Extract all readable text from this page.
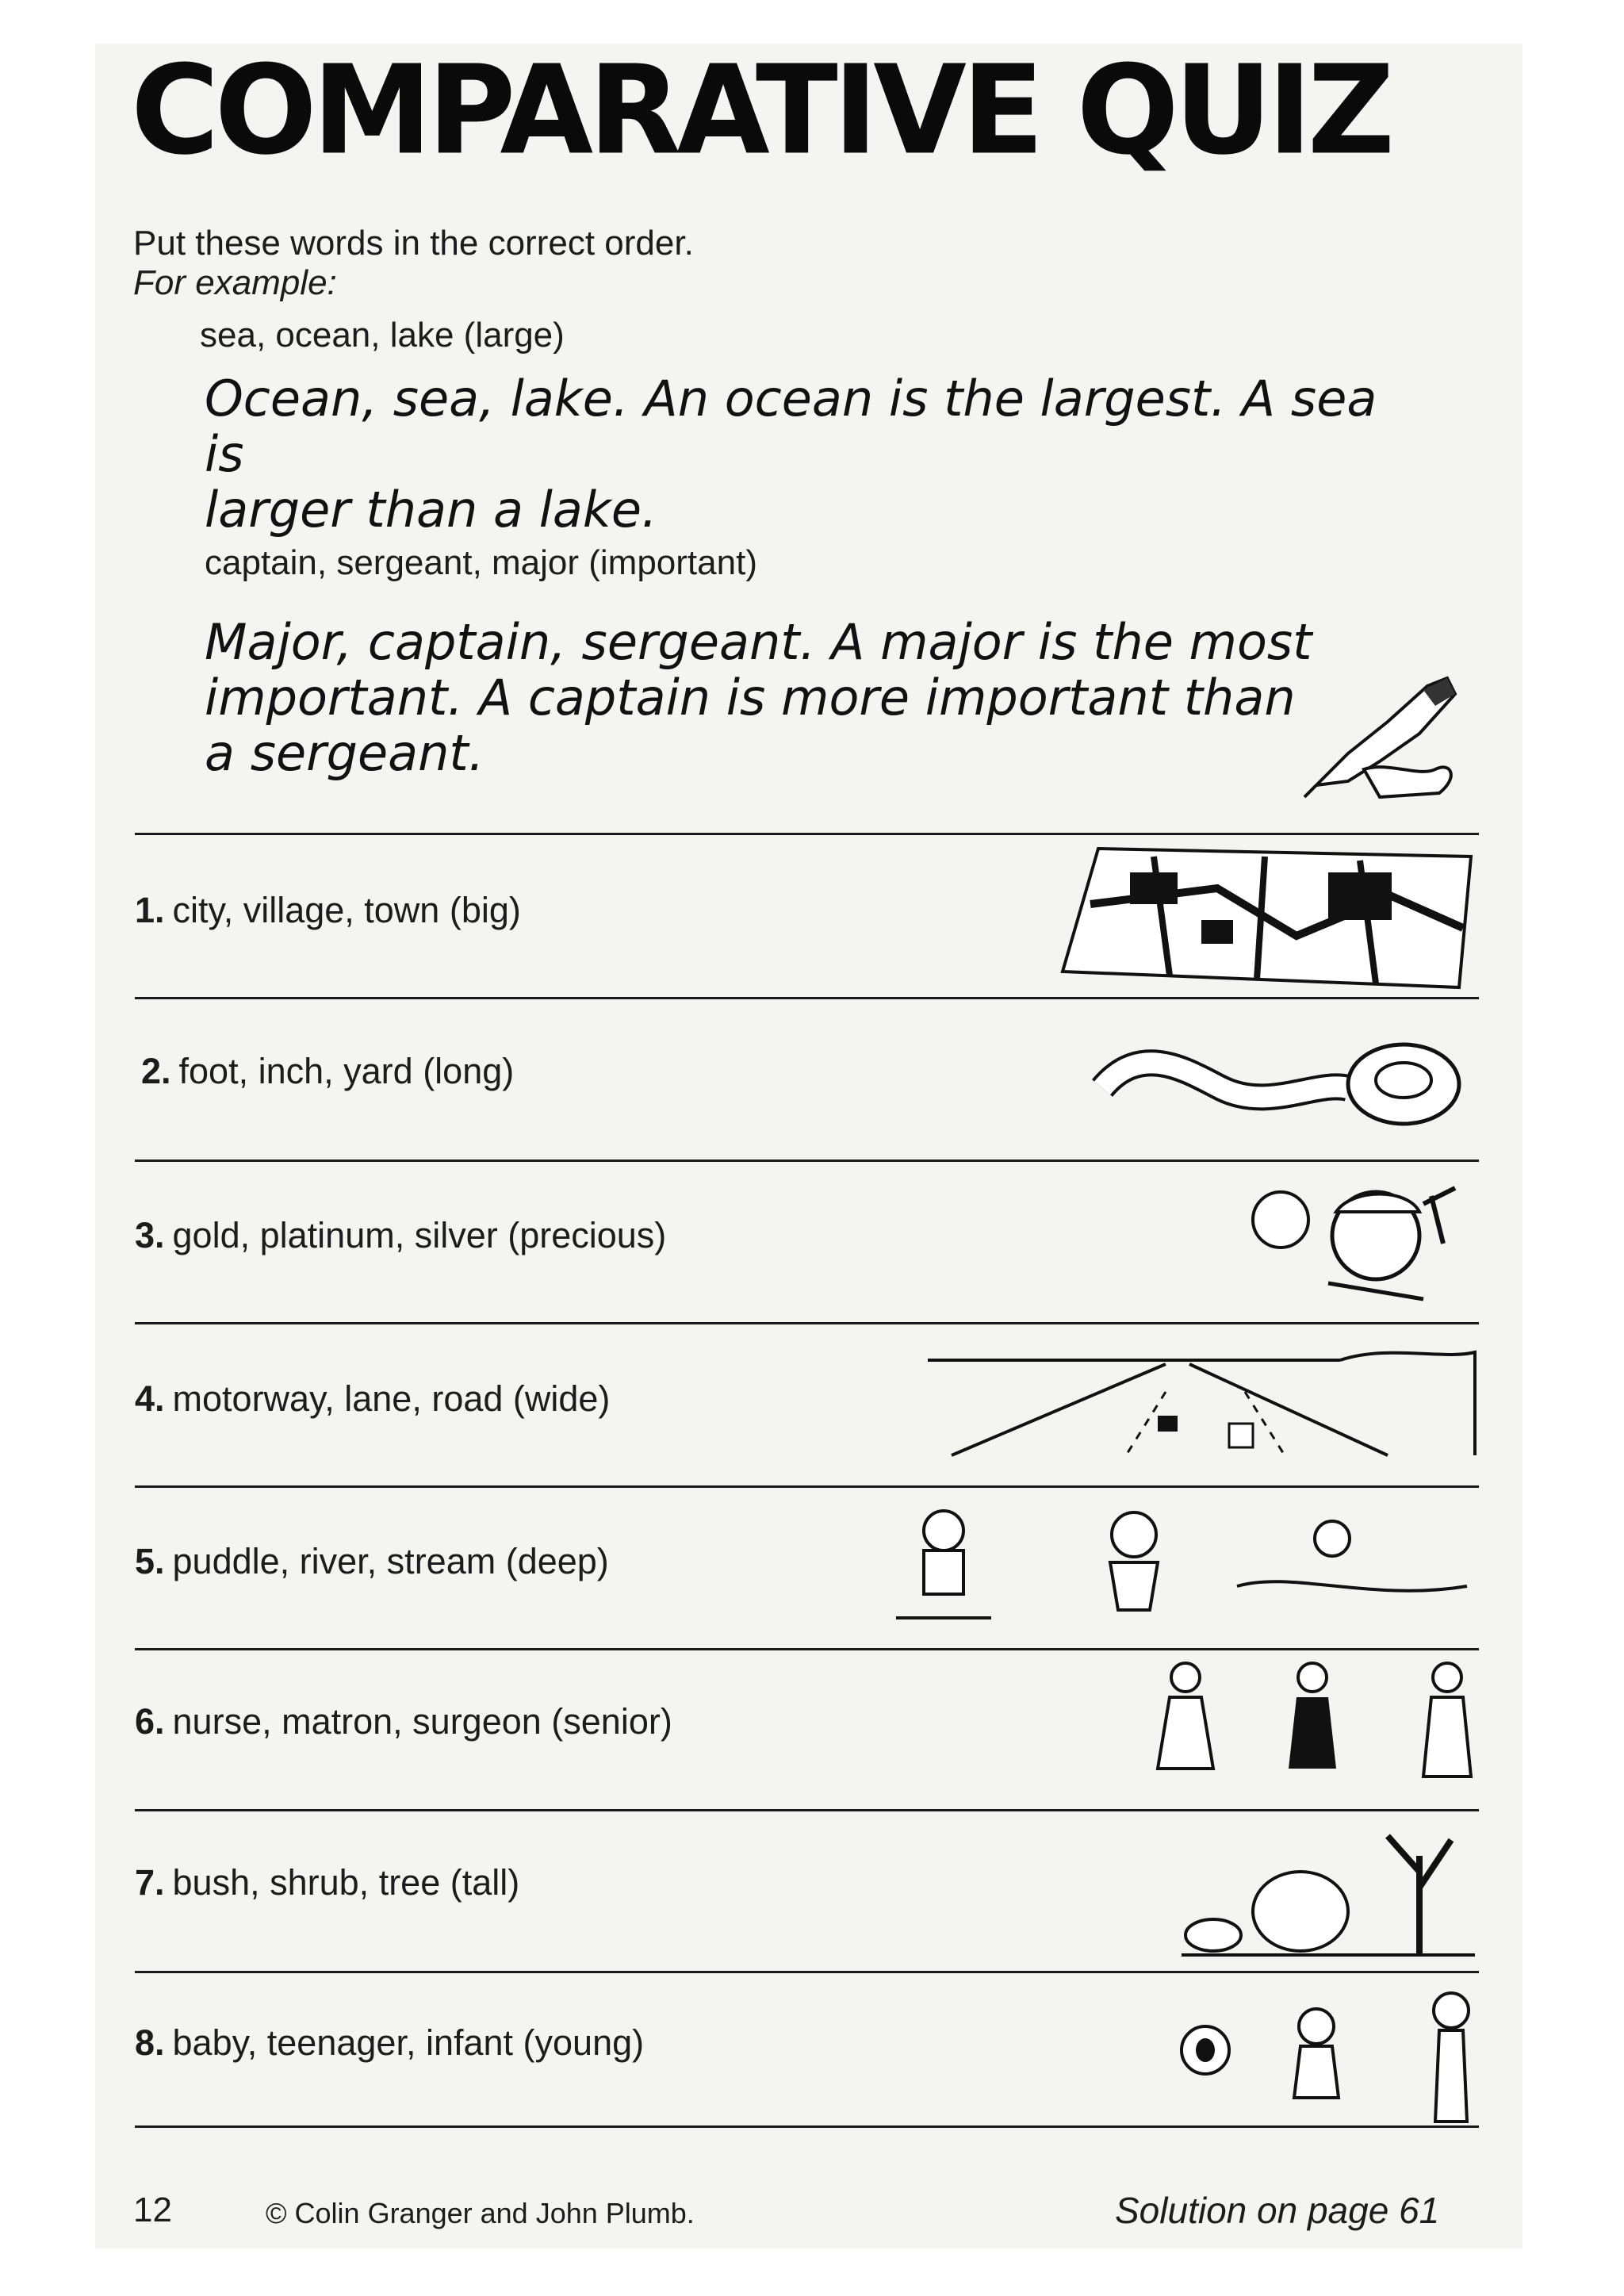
COMPARATIVE QUIZ
Put these words in the correct order.
For example:
sea, ocean, lake (large)
Ocean, sea, lake. An ocean is the largest. A sea is
larger than a lake.
captain, sergeant, major (important)
Major, captain, sergeant. A major is the most
important. A captain is more important than
a sergeant.
1. city, village, town (big)
2. foot, inch, yard (long)
3. gold, platinum, silver (precious)
4. motorway, lane, road (wide)
5. puddle, river, stream (deep)
6. nurse, matron, surgeon (senior)
7. bush, shrub, tree (tall)
8. baby, teenager, infant (young)
12	© Colin Granger and John Plumb.	Solution on page 61
